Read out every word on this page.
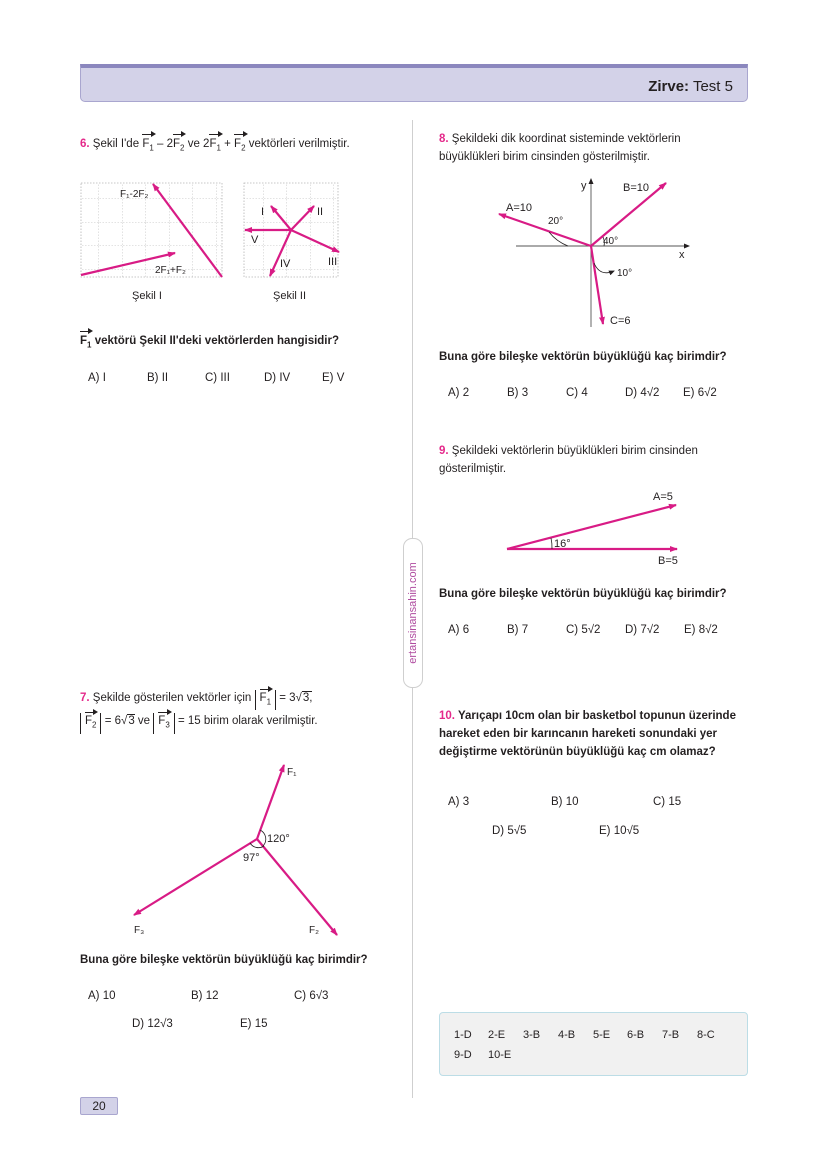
Zirve: Test 5
ertansinansahin.com
6. Şekil I'de $F_1 - 2F_2$ ve $2F_1 + F_2$ vektörleri verilmiştir.
F₁-2F₂
2F₁+F₂
Şekil I
I	II
III
IV
V
Şekil II
$F_1$ vektörü Şekil II'deki vektörlerden hangisidir?
A) I	B) II	C) III	D) IV	E) V
7. Şekilde gösterilen vektörler için $F_1 = 3√3$,
$F_2 = 6√3$ ve $F_3 = 15$ birim olarak verilmiştir.
120°
97°
F₁
F₂
F₃
Buna göre bileşke vektörün büyüklüğü kaç birimdir?
A) 10	B) 12	C) 6√3
D) 12√3	E) 15
8. Şekildeki dik koordinat sisteminde vektörlerin büyüklükleri birim cinsinden gösterilmiştir.
A=10
B=10
C=6
20°
40°
10°
x
y
Buna göre bileşke vektörün büyüklüğü kaç birimdir?
A) 2	B) 3	C) 4	D) 4√2 E) 6√2
9. Şekildeki vektörlerin büyüklükleri birim cinsinden gösterilmiştir.
16°
A=5
B=5
Buna göre bileşke vektörün büyüklüğü kaç birimdir?
A) 6	B) 7	C) 5√2 D) 7√2 E) 8√2
10. Yarıçapı 10cm olan bir basketbol topunun üzerinde hareket eden bir karıncanın hareketi sonundaki yer değiştirme vektörünün büyüklüğü kaç cm olamaz?
A) 3	B) 10	C) 15
D) 5√5	E) 10√5
1-D 2-E 3-B 4-B 5-E 6-B 7-B 8-C
9-D 10-E
20
